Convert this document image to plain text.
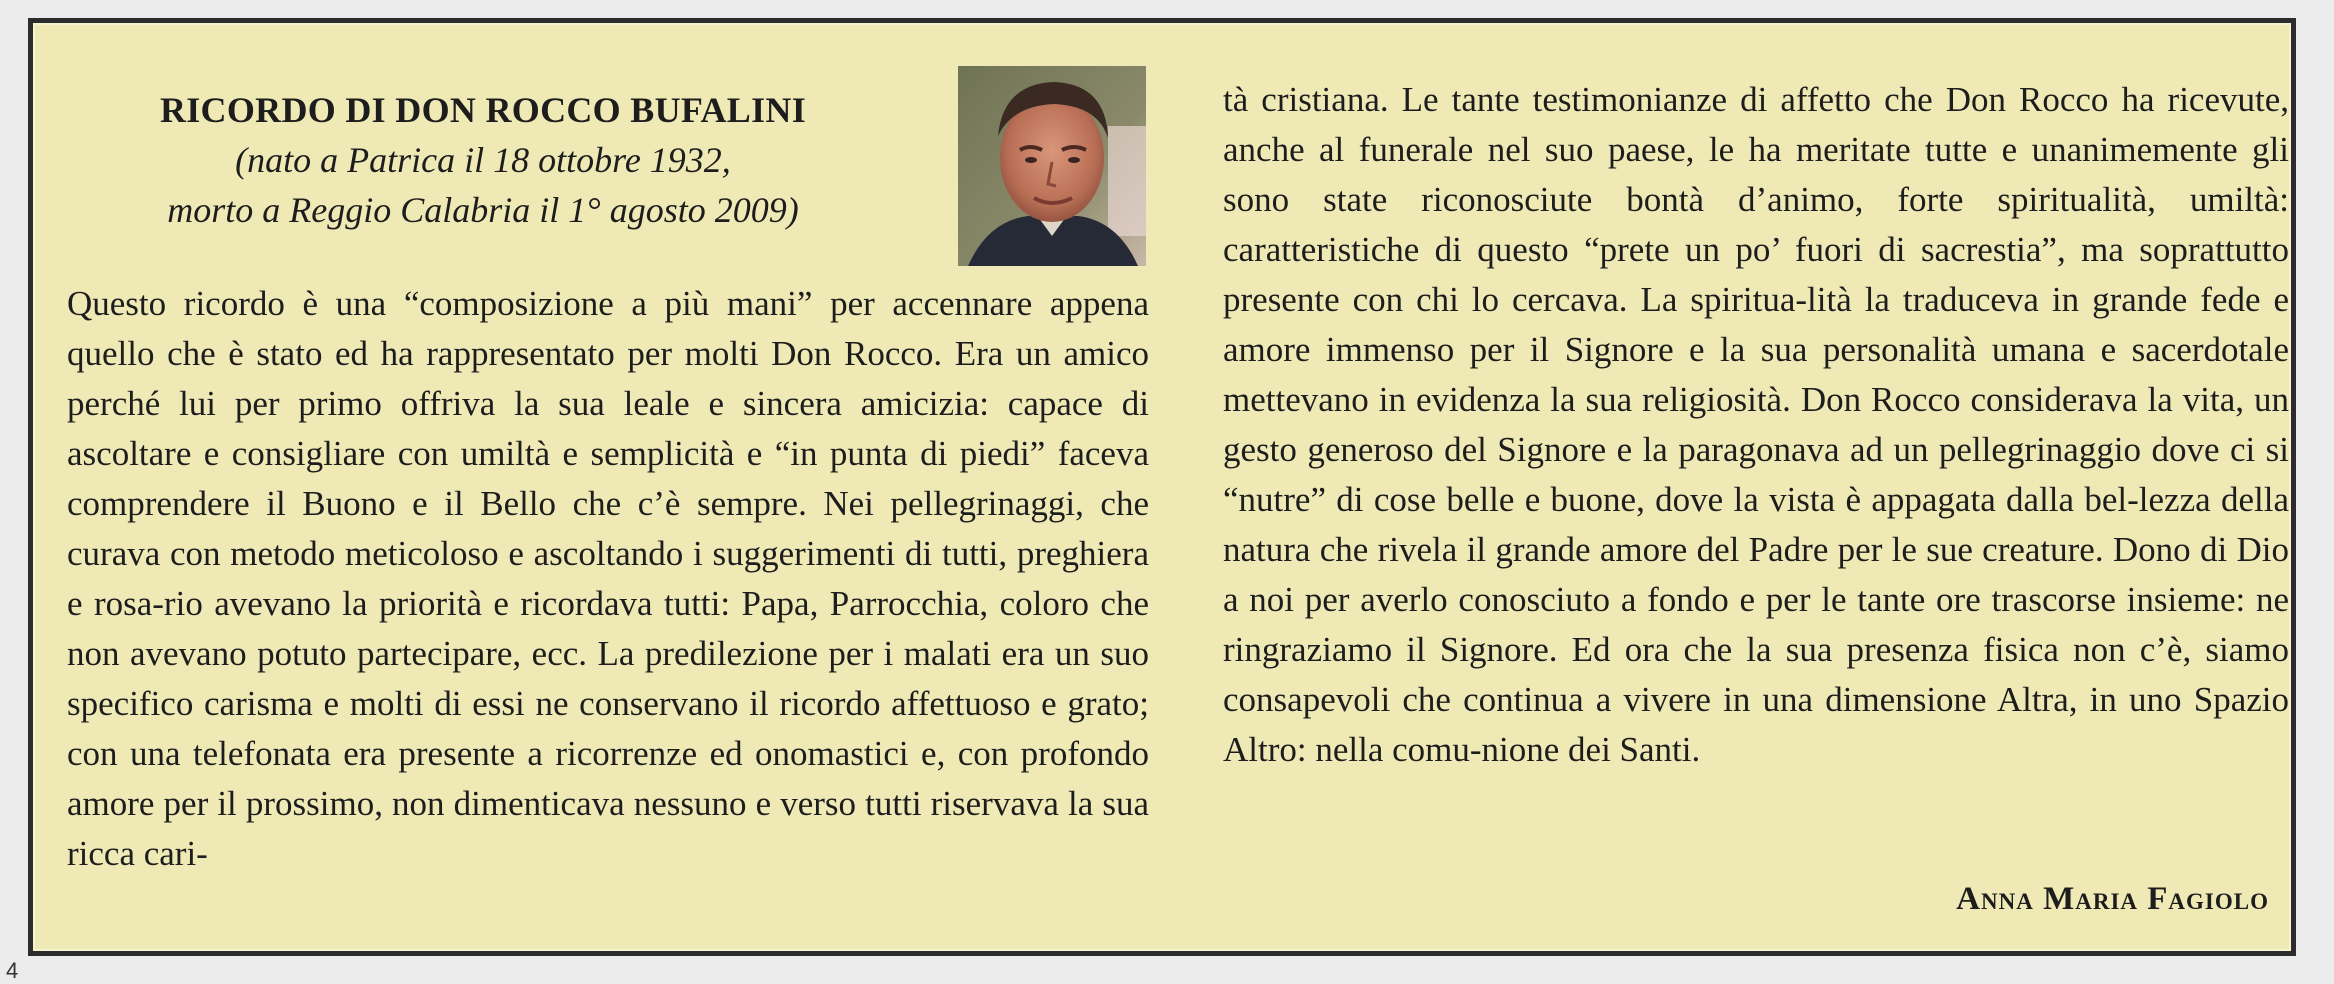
RICORDO DI DON ROCCO BUFALINI

(nato a Patrica il 18 ottobre 1932,

morto a Reggio Calabria il 1° agosto 2009)

Questo ricordo è una “composizione a più mani” per accennare appena quello che è stato ed ha rappresentato per molti Don Rocco. Era un amico perché lui per primo offriva la sua leale e sincera amicizia: capace di ascoltare e consigliare con umiltà e semplicità e “in punta di piedi” faceva comprendere il Buono e il Bello che c’è sempre. Nei pellegrinaggi, che curava con metodo meticoloso e ascoltando i suggerimenti di tutti, preghiera e rosa-rio avevano la priorità e ricordava tutti: Papa, Parrocchia, coloro che non avevano potuto partecipare, ecc. La predilezione per i malati era un suo specifico carisma e molti di essi ne conservano il ricordo affettuoso e grato; con una telefonata era presente a ricorrenze ed onomastici e, con profondo amore per il prossimo, non dimenticava nessuno e verso tutti riservava la sua ricca cari-

tà cristiana. Le tante testimonianze di affetto che Don Rocco ha ricevute, anche al funerale nel suo paese, le ha meritate tutte e unanimemente gli sono state riconosciute bontà d’animo, forte spiritualità, umiltà: caratteristiche di questo “prete un po’ fuori di sacrestia”, ma soprattutto presente con chi lo cercava. La spiritua-lità la traduceva in grande fede e amore immenso per il Signore e la sua personalità umana e sacerdotale mettevano in evidenza la sua religiosità. Don Rocco considerava la vita, un gesto generoso del Signore e la paragonava ad un pellegrinaggio dove ci si “nutre” di cose belle e buone, dove la vista è appagata dalla bel-lezza della natura che rivela il grande amore del Padre per le sue creature. Dono di Dio a noi per averlo conosciuto a fondo e per le tante ore trascorse insieme: ne ringraziamo il Signore. Ed ora che la sua presenza fisica non c’è, siamo consapevoli che continua a vivere in una dimensione Altra, in uno Spazio Altro: nella comu-nione dei Santi.

Anna Maria Fagiolo
4
